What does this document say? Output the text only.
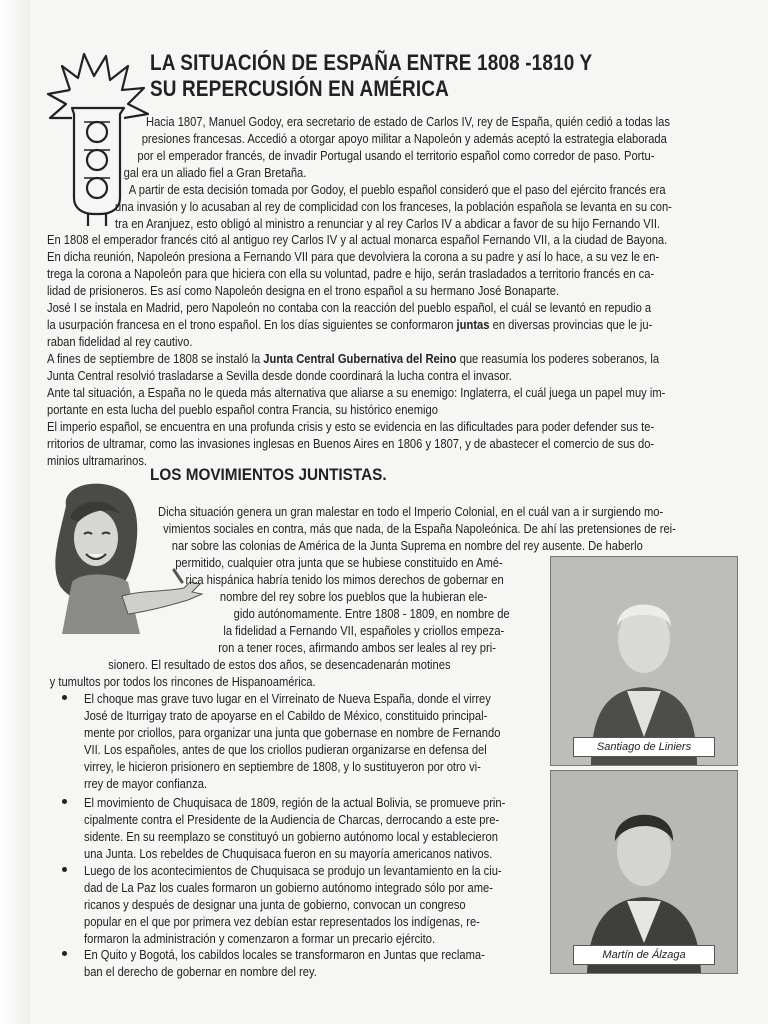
LA SITUACIÓN DE ESPAÑA ENTRE 1808 -1810 Y
SU REPERCUSIÓN EN AMÉRICA
Hacia 1807, Manuel Godoy, era secretario de estado de Carlos IV, rey de España, quién cedió a todas las
presiones francesas. Accedió a otorgar apoyo militar a Napoleón y además aceptó la estrategia elaborada
por el emperador francés, de invadir Portugal usando el territorio español como corredor de paso. Portu-
gal era un aliado fiel a Gran Bretaña.
A partir de esta decisión tomada por Godoy, el pueblo español consideró que el paso del ejército francés era
una invasión y lo acusaban al rey de complicidad con los franceses, la población española se levanta en su con-
tra en Aranjuez, esto obligó al ministro a renunciar y al rey Carlos IV a abdicar a favor de su hijo Fernando VII.
En 1808 el emperador francés citó al antiguo rey Carlos IV y al actual monarca español Fernando VII, a la ciudad de Bayona.
En dicha reunión, Napoleón presiona a Fernando VII para que devolviera la corona a su padre y así lo hace, a su vez le en-
trega la corona a Napoleón para que hiciera con ella su voluntad, padre e hijo, serán trasladados a territorio francés en ca-
lidad de prisioneros. Es así como Napoleón designa en el trono español a su hermano José Bonaparte.
José I se instala en Madrid, pero Napoleón no contaba con la reacción del pueblo español, el cuál se levantó en repudio a
la usurpación francesa en el trono español. En los días siguientes se conformaron juntas en diversas provincias que le ju-
raban fidelidad al rey cautivo.
A fines de septiembre de 1808 se instaló la Junta Central Gubernativa del Reino que reasumía los poderes soberanos, la
Junta Central resolvió trasladarse a Sevilla desde donde coordinará la lucha contra el invasor.
Ante tal situación, a España no le queda más alternativa que aliarse a su enemigo: Inglaterra, el cuál juega un papel muy im-
portante en esta lucha del pueblo español contra Francia, su histórico enemigo
El imperio español, se encuentra en una profunda crisis y esto se evidencia en las dificultades para poder defender sus te-
rritorios de ultramar, como las invasiones inglesas en Buenos Aires en 1806 y 1807, y de abastecer el comercio de sus do-
minios ultramarinos.
LOS MOVIMIENTOS JUNTISTAS.
Dicha situación genera un gran malestar en todo el Imperio Colonial, en el cuál van a ir surgiendo mo-
vimientos sociales en contra, más que nada, de la España Napoleónica. De ahí las pretensiones de rei-
nar sobre las colonias de América de la Junta Suprema en nombre del rey ausente. De haberlo
permitido, cualquier otra junta que se hubiese constituido en Amé-
rica hispánica habría tenido los mimos derechos de gobernar en
nombre del rey sobre los pueblos que la hubieran ele-
gido autónomamente. Entre 1808 - 1809, en nombre de
la fidelidad a Fernando VII, españoles y criollos empeza-
ron a tener roces, afirmando ambos ser leales al rey pri-
sionero. El resultado de estos dos años, se desencadenarán motines
y tumultos por todos los rincones de Hispanoamérica.
Santiago de Liniers
Martín de Álzaga
El choque mas grave tuvo lugar en el Virreinato de Nueva España, donde el virrey
José de Iturrigay trato de apoyarse en el Cabildo de México, constituido principal-
mente por criollos, para organizar una junta que gobernase en nombre de Fernando
VII. Los españoles, antes de que los criollos pudieran organizarse en defensa del
virrey, le hicieron prisionero en septiembre de 1808, y lo sustituyeron por otro vi-
rrey de mayor confianza.
El movimiento de Chuquisaca de 1809, región de la actual Bolivia, se promueve prin-
cipalmente contra el Presidente de la Audiencia de Charcas, derrocando a este pre-
sidente. En su reemplazo se constituyó un gobierno autónomo local y establecieron
una Junta. Los rebeldes de Chuquisaca fueron en su mayoría americanos nativos.
Luego de los acontecimientos de Chuquisaca se produjo un levantamiento en la ciu-
dad de La Paz los cuales formaron un gobierno autónomo integrado sólo por ame-
ricanos y después de designar una junta de gobierno, convocan un congreso
popular en el que por primera vez debían estar representados los indígenas, re-
formaron la administración y comenzaron a formar un precario ejército.
En Quito y Bogotá, los cabildos locales se transformaron en Juntas que reclama-
ban el derecho de gobernar en nombre del rey.
